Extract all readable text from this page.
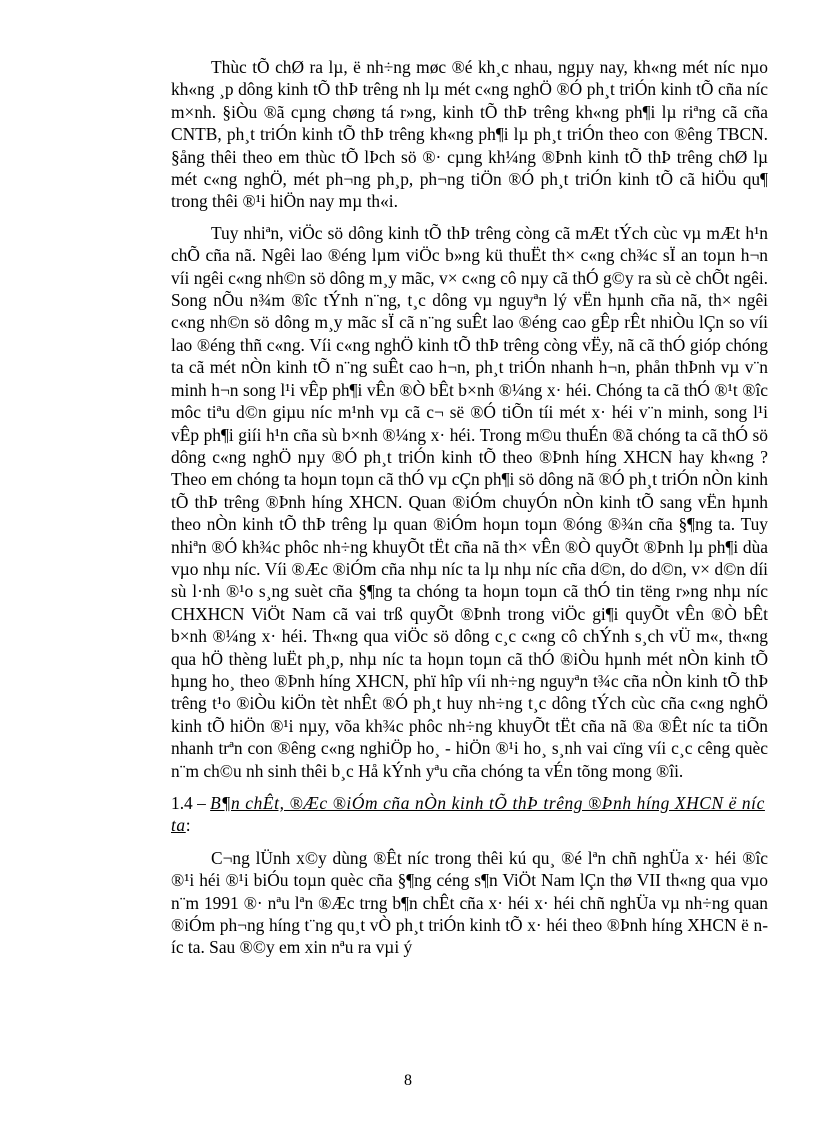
Thùc tÕ chØ ra lµ, ë nh÷ng møc ®é kh¸c nhau, ngµy nay, kh«ng mét níc nµo kh«ng ¸p dông kinh tÕ thÞ trêng nh lµ mét c«ng nghÖ ®Ó ph¸t triÓn kinh tÕ cña níc m×nh. §iÒu ®ã cµng chøng tá r»ng, kinh tÕ thÞ trêng kh«ng ph¶i lµ riªng cã cña CNTB, ph¸t triÓn kinh tÕ thÞ trêng kh«ng ph¶i lµ ph¸t triÓn theo con ®êng TBCN. §ång thêi theo em thùc tÕ lÞch sö ®· cµng kh¼ng ®Þnh kinh tÕ thÞ trêng chØ lµ mét c«ng nghÖ, mét ph¬ng ph¸p, ph¬ng tiÖn ®Ó ph¸t triÓn kinh tÕ cã hiÖu qu¶ trong thêi ®¹i hiÖn nay mµ th«i.

Tuy nhiªn, viÖc sö dông kinh tÕ thÞ trêng còng cã mÆt tÝch cùc vµ mÆt h¹n chÕ cña nã. Ngêi lao ®éng lµm viÖc b»ng kü thuËt th× c«ng ch¾c sÏ an toµn h¬n víi ngêi c«ng nh©n sö dông m¸y mãc, v× c«ng cô nµy cã thÓ g©y ra sù cè chÕt ngêi. Song nÕu n¾m ®îc tÝnh n¨ng, t¸c dông vµ nguyªn lý vËn hµnh cña nã, th× ngêi c«ng nh©n sö dông m¸y mãc sÏ cã n¨ng suÊt lao ®éng cao gÊp rÊt nhiÒu lÇn so víi lao ®éng thñ c«ng. Víi c«ng nghÖ kinh tÕ thÞ trêng còng vËy, nã cã thÓ gióp chóng ta cã mét nÒn kinh tÕ n¨ng suÊt cao h¬n, ph¸t triÓn nhanh h¬n, phån thÞnh vµ v¨n minh h¬n song l¹i vÊp ph¶i vÊn ®Ò bÊt b×nh ®¼ng x· héi. Chóng ta cã thÓ ®¹t ®îc môc tiªu d©n giµu níc m¹nh vµ cã c¬ së ®Ó tiÕn tíi mét x· héi v¨n minh, song l¹i vÊp ph¶i giíi h¹n cña sù b×nh ®¼ng x· héi. Trong m©u thuÉn ®ã chóng ta cã thÓ sö dông c«ng nghÖ nµy ®Ó ph¸t triÓn kinh tÕ theo ®Þnh híng XHCN hay kh«ng ? Theo em chóng ta hoµn toµn cã thÓ vµ cÇn ph¶i sö dông nã ®Ó ph¸t triÓn nÒn kinh tÕ thÞ trêng ®Þnh híng XHCN. Quan ®iÓm chuyÓn nÒn kinh tÕ sang vËn hµnh theo nÒn kinh tÕ thÞ trêng lµ quan ®iÓm hoµn toµn ®óng ®¾n cña §¶ng ta. Tuy nhiªn ®Ó kh¾c phôc nh÷ng khuyÕt tËt cña nã th× vÊn ®Ò quyÕt ®Þnh lµ ph¶i dùa vµo nhµ níc. Víi ®Æc ®iÓm cña nhµ níc ta lµ nhµ níc cña d©n, do d©n, v× d©n díi sù l·nh ®¹o s¸ng suèt cña §¶ng ta chóng ta hoµn toµn cã thÓ tin tëng r»ng nhµ níc CHXHCN ViÖt Nam cã vai trß quyÕt ®Þnh trong viÖc gi¶i quyÕt vÊn ®Ò bÊt b×nh ®¼ng x· héi. Th«ng qua viÖc sö dông c¸c c«ng cô chÝnh s¸ch vÜ m«, th«ng qua hÖ thèng luËt ph¸p, nhµ níc ta hoµn toµn cã thÓ ®iÒu hµnh mét nÒn kinh tÕ hµng ho¸ theo ®Þnh híng XHCN, phï hîp víi nh÷ng nguyªn t¾c cña nÒn kinh tÕ thÞ trêng t¹o ®iÒu kiÖn tèt nhÊt ®Ó ph¸t huy nh÷ng t¸c dông tÝch cùc cña c«ng nghÖ kinh tÕ hiÖn ®¹i nµy, võa kh¾c phôc nh÷ng khuyÕt tËt cña nã ®a ®Êt níc ta tiÕn nhanh trªn con ®êng c«ng nghiÖp ho¸ - hiÖn ®¹i ho¸ s¸nh vai cïng víi c¸c cêng quèc n¨m ch©u nh sinh thêi b¸c Hå kÝnh yªu cña chóng ta vÉn tõng mong ®îi.

1.4 – B¶n chÊt, ®Æc ®iÓm cña nÒn kinh tÕ thÞ trêng ®Þnh híng XHCN ë níc ta:

C¬ng lÜnh x©y dùng ®Êt níc trong thêi kú qu¸ ®é lªn chñ nghÜa x· héi ®îc ®¹i héi ®¹i biÓu toµn quèc cña §¶ng céng s¶n ViÖt Nam lÇn thø VII th«ng qua vµo n¨m 1991 ®· nªu lªn ®Æc trng b¶n chÊt cña x· héi x· héi chñ nghÜa vµ nh÷ng quan ®iÓm ph¬ng híng t¨ng qu¸t vÒ ph¸t triÓn kinh tÕ x· héi theo ®Þnh híng XHCN ë níc ta. Sau ®©y em xin nªu ra vµi ý

8
